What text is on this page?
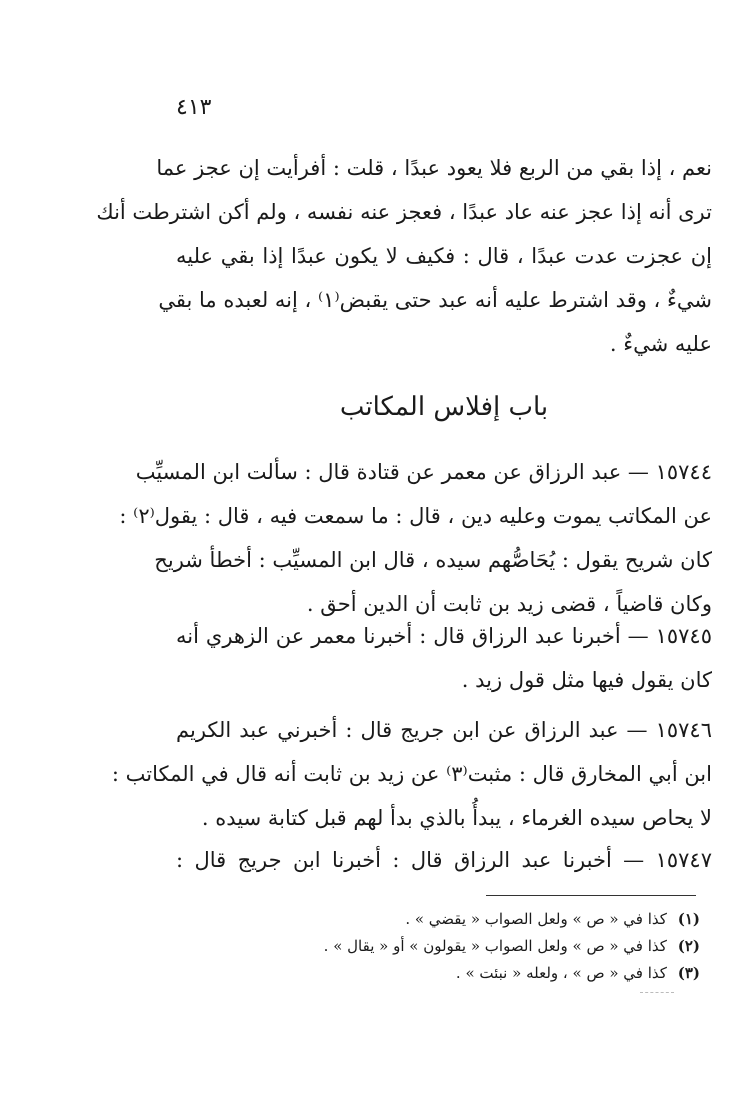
٤١٣
نعم ، إذا بقي من الربع فلا يعود عبدًا ، قلت : أفرأيت إن عجز عما
ترى أنه إذا عجز عنه عاد عبدًا ، فعجز عنه نفسه ، ولم أكن اشترطت أنك
إن عجزت عدت عبدًا ، قال : فكيف لا يكون عبدًا إذا بقي عليه
شيءٌ ، وقد اشترط عليه أنه عبد حتى يقبض⁽١⁾ ، إنه لعبده ما بقي
عليه شيءٌ .
باب إفلاس المكاتب
١٥٧٤٤ — عبد الرزاق عن معمر عن قتادة قال : سألت ابن المسيِّب
عن المكاتب يموت وعليه دين ، قال : ما سمعت فيه ، قال : يقول⁽٢⁾ :
كان شريح يقول : يُحَاصُّهم سيده ، قال ابن المسيِّب : أخطأ شريح
وكان قاضياً ، قضى زيد بن ثابت أن الدين أحق .
١٥٧٤٥ — أخبرنا عبد الرزاق قال : أخبرنا معمر عن الزهري أنه
كان يقول فيها مثل قول زيد .
١٥٧٤٦ — عبد الرزاق عن ابن جريج قال : أخبرني عبد الكريم
ابن أبي المخارق قال : مثبت⁽٣⁾ عن زيد بن ثابت أنه قال في المكاتب :
لا يحاص سيده الغرماء ، يبدأُ بالذي بدأ لهم قبل كتابة سيده .
١٥٧٤٧ — أخبرنا عبد الرزاق قال : أخبرنا ابن جريج قال :
(١) كذا في « ص » ولعل الصواب « يقضي » .
(٢) كذا في « ص » ولعل الصواب « يقولون » أو « يقال » .
(٣) كذا في « ص » ، ولعله « نبئت » .
